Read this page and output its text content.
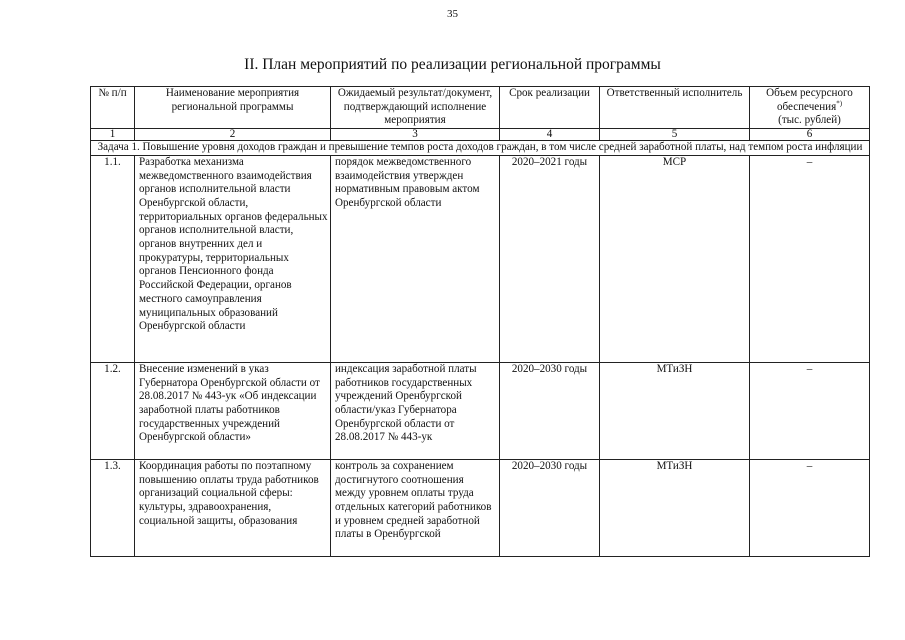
35
II. План мероприятий по реализации региональной программы
№ п/п	Наименование мероприятия региональной программы	Ожидаемый результат/документ, подтверждающий исполнение мероприятия	Срок реализации	Ответственный исполнитель	Объем ресурсного обеспечения*)
(тыс. рублей)
1	2	3	4	5	6
Задача 1. Повышение уровня доходов граждан и превышение темпов роста доходов граждан, в том числе средней заработной платы, над темпом роста инфляции					
1.1.	Разработка механизма межведомственного взаимодействия органов исполнительной власти Оренбургской области, территориальных органов федеральных органов исполнительной власти, органов внутренних дел и прокуратуры, территориальных органов Пенсионного фонда Российской Федерации, органов местного самоуправления муниципальных образований Оренбургской области	порядок межведомственного взаимодействия утвержден нормативным правовым актом Оренбургской области	2020–2021 годы	МСР	–
1.2.	Внесение изменений в указ Губернатора Оренбургской области от 28.08.2017 № 443-ук «Об индексации заработной платы работников государственных учреждений Оренбургской области»	индексация заработной платы работников государственных учреждений Оренбургской области/указ Губернатора Оренбургской области от 28.08.2017 № 443-ук	2020–2030 годы	МТиЗН	–
1.3.	Координация работы по поэтапному повышению оплаты труда работников организаций социальной сферы: культуры, здравоохранения, социальной защиты, образования	контроль за сохранением достигнутого соотношения между уровнем оплаты труда отдельных категорий работников и уровнем средней заработной платы в Оренбургской	2020–2030 годы	МТиЗН	–
